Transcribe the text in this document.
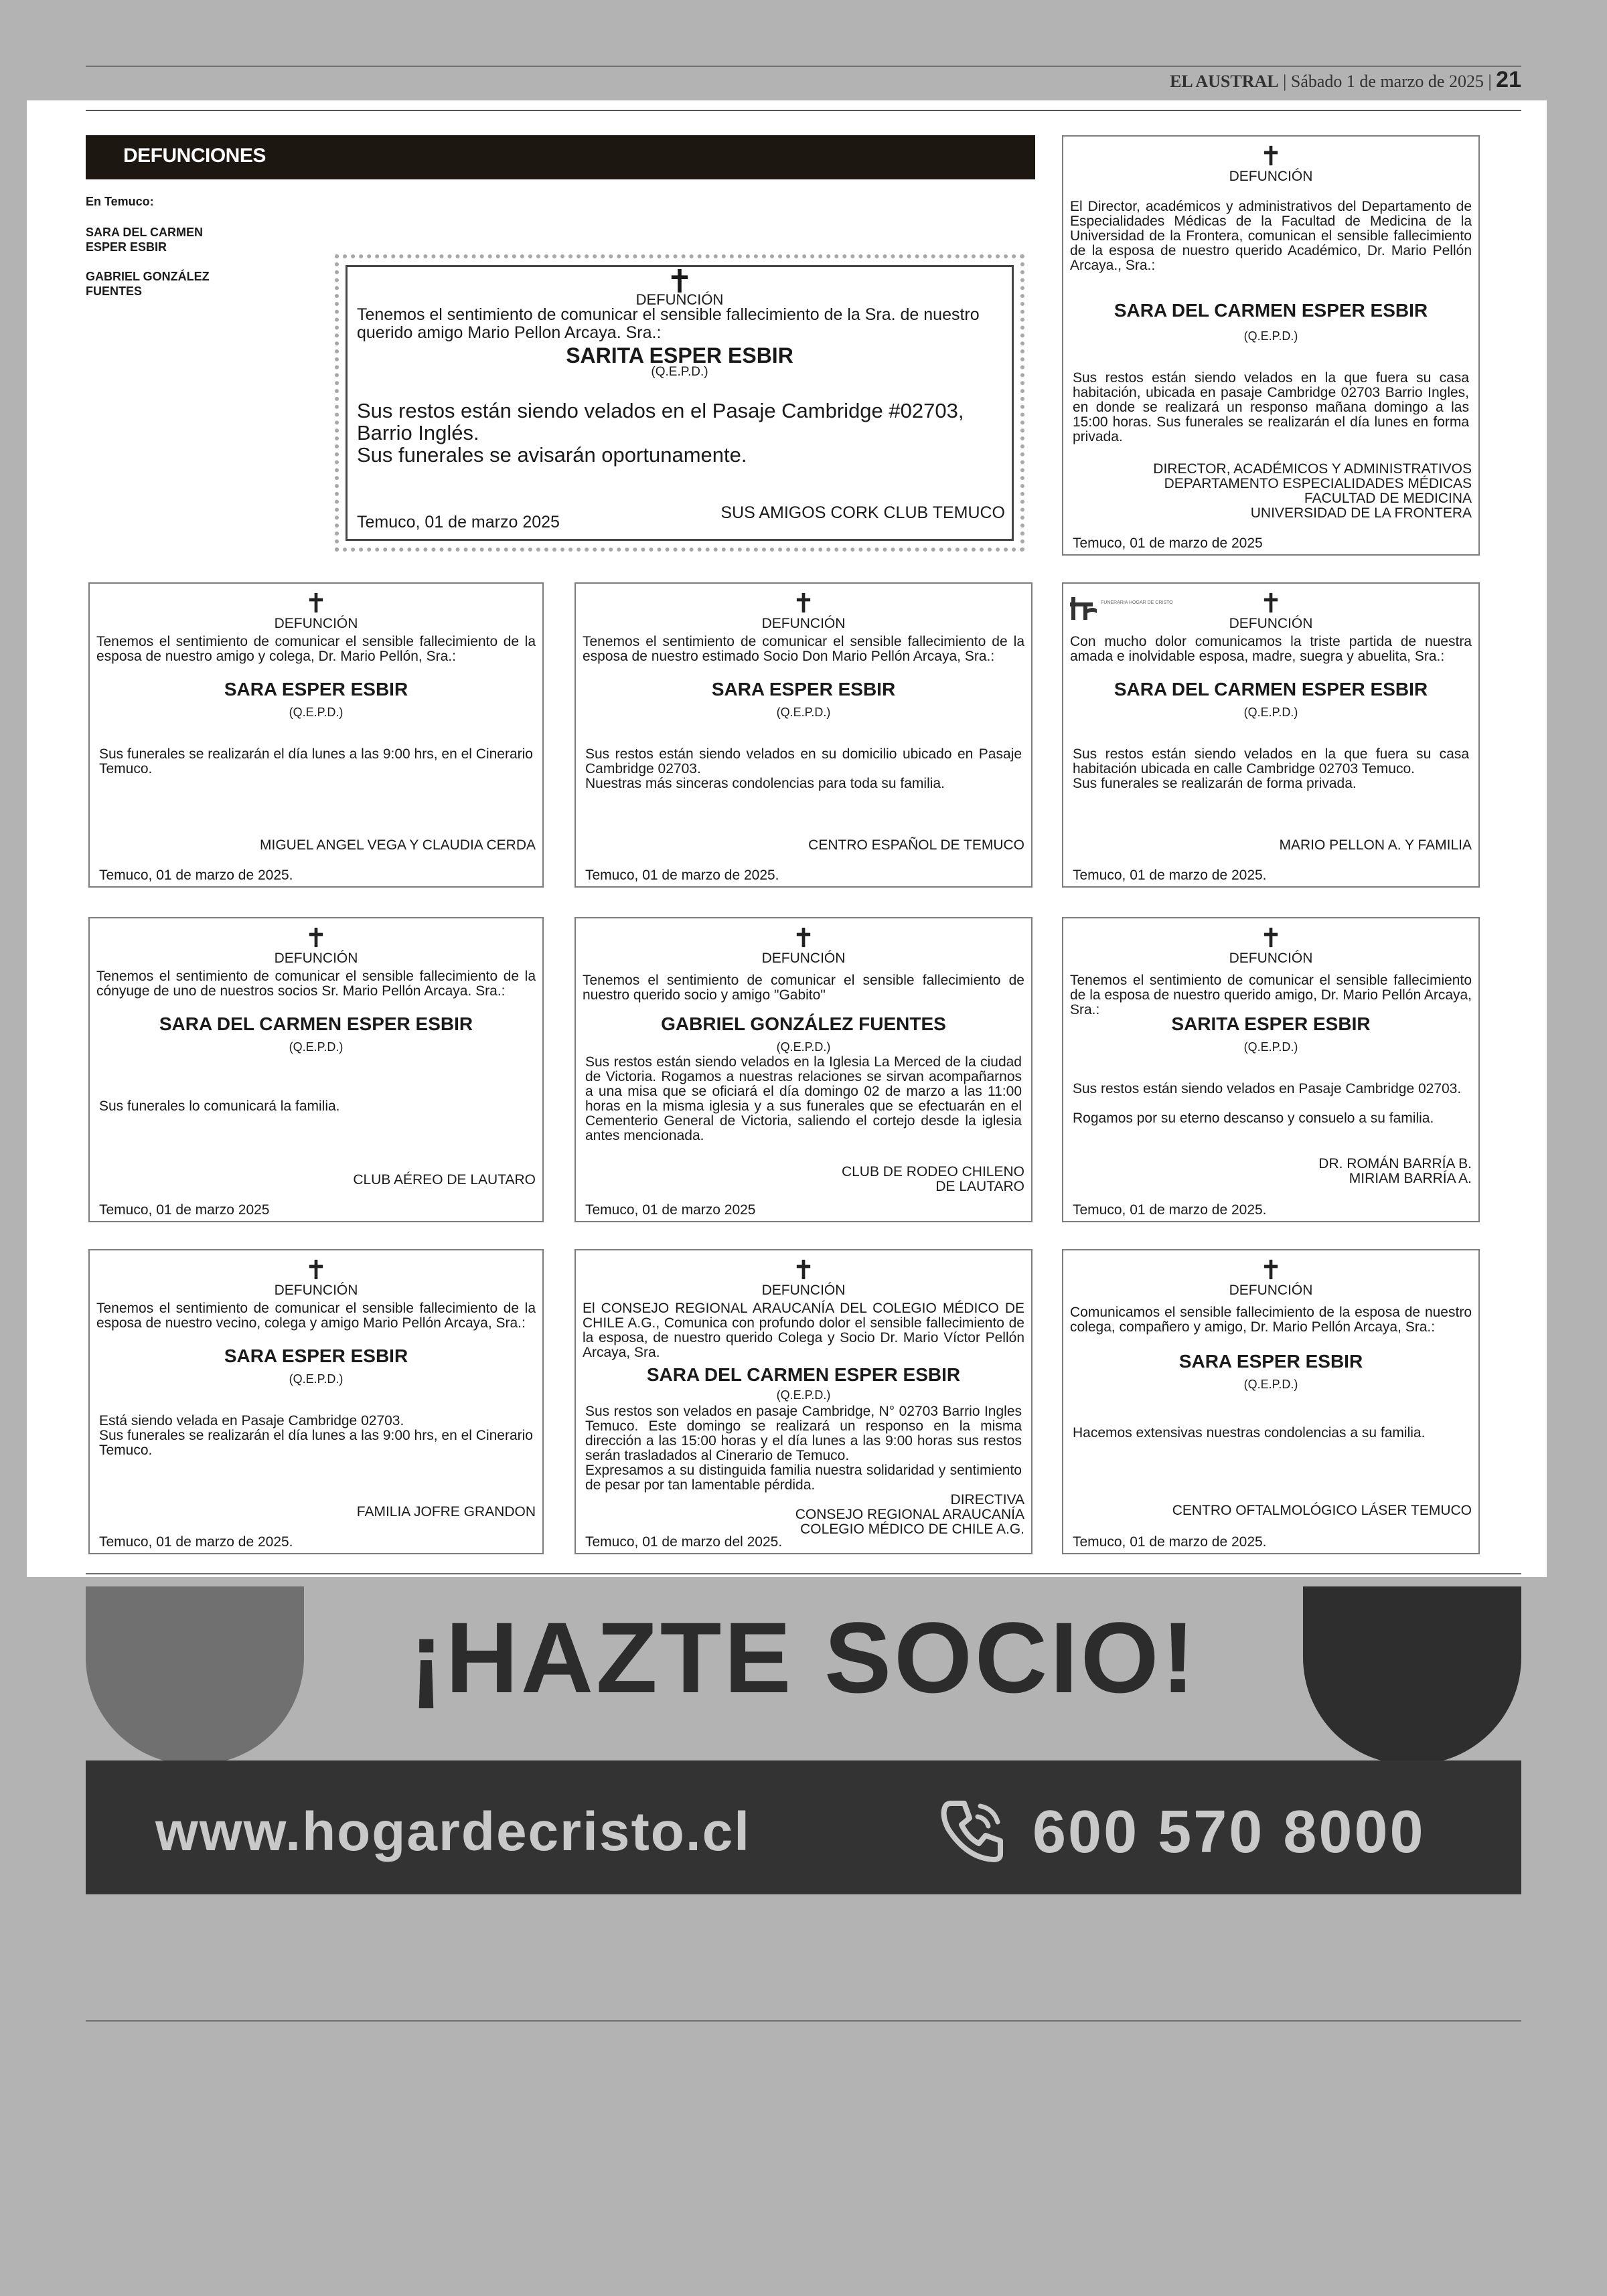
EL AUSTRAL | Sábado 1 de marzo de 2025 | 21
DEFUNCIONES
En Temuco:
SARA DEL CARMEN ESPER ESBIR
GABRIEL GONZÁLEZ FUENTES	✝
DEFUNCIÓN
Tenemos el sentimiento de comunicar el sensible fallecimiento de la Sra. de nuestro querido amigo Mario Pellon Arcaya. Sra.:
SARITA ESPER ESBIR
(Q.E.P.D.)
Sus restos están siendo velados en el Pasaje Cambridge #02703, Barrio Inglés.
Sus funerales se avisarán oportunamente.
Temuco, 01 de marzo 2025	SUS AMIGOS CORK CLUB TEMUCO
✝
DEFUNCIÓN
El Director, académicos y administrativos del Departamento de Especialidades Médicas de la Facultad de Medicina de la Universidad de la Frontera, comunican el sensible fallecimiento de la esposa de nuestro querido Académico, Dr. Mario Pellón Arcaya., Sra.:
SARA DEL CARMEN ESPER ESBIR
(Q.E.P.D.)
Sus restos están siendo velados en la que fuera su casa habitación, ubicada en pasaje Cambridge 02703 Barrio Ingles, en donde se realizará un responso mañana domingo a las 15:00 horas. Sus funerales se realizarán el día lunes en forma privada.
DIRECTOR, ACADÉMICOS Y ADMINISTRATIVOS
DEPARTAMENTO ESPECIALIDADES MÉDICAS
FACULTAD DE MEDICINA
UNIVERSIDAD DE LA FRONTERA
Temuco, 01 de marzo de 2025
✝
DEFUNCIÓN
Tenemos el sentimiento de comunicar el sensible fallecimiento de la esposa de nuestro amigo y colega, Dr. Mario Pellón, Sra.:
SARA ESPER ESBIR
(Q.E.P.D.)
Sus funerales se realizarán el día lunes a las 9:00 hrs, en el Cinerario Temuco.
MIGUEL ANGEL VEGA Y CLAUDIA CERDA
Temuco, 01 de marzo de 2025.
✝
DEFUNCIÓN
Tenemos el sentimiento de comunicar el sensible fallecimiento de la esposa de nuestro estimado Socio Don Mario Pellón Arcaya, Sra.:
SARA ESPER ESBIR
(Q.E.P.D.)
Sus restos están siendo velados en su domicilio ubicado en Pasaje Cambridge 02703.
Nuestras más sinceras condolencias para toda su familia.
CENTRO ESPAÑOL DE TEMUCO
Temuco, 01 de marzo de 2025.
FUNERARIA HOGAR DE CRISTO	✝
DEFUNCIÓN
Con mucho dolor comunicamos la triste partida de nuestra amada e inolvidable esposa, madre, suegra y abuelita, Sra.:
SARA DEL CARMEN ESPER ESBIR
(Q.E.P.D.)
Sus restos están siendo velados en la que fuera su casa habitación ubicada en calle Cambridge 02703 Temuco.
Sus funerales se realizarán de forma privada.
MARIO PELLON A. Y FAMILIA
Temuco, 01 de marzo de 2025.
✝
DEFUNCIÓN
Tenemos el sentimiento de comunicar el sensible fallecimiento de la cónyuge de uno de nuestros socios Sr. Mario Pellón Arcaya. Sra.:
SARA DEL CARMEN ESPER ESBIR
(Q.E.P.D.)
Sus funerales lo comunicará la familia.
CLUB AÉREO DE LAUTARO
Temuco, 01 de marzo 2025
✝
DEFUNCIÓN
Tenemos el sentimiento de comunicar el sensible fallecimiento de nuestro querido socio y amigo "Gabito"
GABRIEL GONZÁLEZ FUENTES
(Q.E.P.D.)
Sus restos están siendo velados en la Iglesia La Merced de la ciudad de Victoria. Rogamos a nuestras relaciones se sirvan acompañarnos a una misa que se oficiará el día domingo 02 de marzo a las 11:00 horas en la misma iglesia y a sus funerales que se efectuarán en el Cementerio General de Victoria, saliendo el cortejo desde la iglesia antes mencionada.
CLUB DE RODEO CHILENO
DE LAUTARO
Temuco, 01 de marzo 2025
✝
DEFUNCIÓN
Tenemos el sentimiento de comunicar el sensible fallecimiento de la esposa de nuestro querido amigo, Dr. Mario Pellón Arcaya, Sra.:
SARITA ESPER ESBIR
(Q.E.P.D.)
Sus restos están siendo velados en Pasaje Cambridge 02703.

Rogamos por su eterno descanso y consuelo a su familia.
DR. ROMÁN BARRÍA B.
MIRIAM BARRÍA A.
Temuco, 01 de marzo de 2025.
✝
DEFUNCIÓN
Tenemos el sentimiento de comunicar el sensible fallecimiento de la esposa de nuestro vecino, colega y amigo Mario Pellón Arcaya, Sra.:
SARA ESPER ESBIR
(Q.E.P.D.)
Está siendo velada en Pasaje Cambridge 02703.
Sus funerales se realizarán el día lunes a las 9:00 hrs, en el Cinerario Temuco.
FAMILIA JOFRE GRANDON
Temuco, 01 de marzo de 2025.
✝
DEFUNCIÓN
El CONSEJO REGIONAL ARAUCANÍA DEL COLEGIO MÉDICO DE CHILE A.G., Comunica con profundo dolor el sensible fallecimiento de la esposa, de nuestro querido Colega y Socio Dr. Mario Víctor Pellón Arcaya, Sra.
SARA DEL CARMEN ESPER ESBIR
(Q.E.P.D.)
Sus restos son velados en pasaje Cambridge, N° 02703 Barrio Ingles Temuco. Este domingo se realizará un responso en la misma dirección a las 15:00 horas y el día lunes a las 9:00 horas sus restos serán trasladados al Cinerario de Temuco.
Expresamos a su distinguida familia nuestra solidaridad y sentimiento de pesar por tan lamentable pérdida.
DIRECTIVA
CONSEJO REGIONAL ARAUCANÍA
COLEGIO MÉDICO DE CHILE A.G.
Temuco, 01 de marzo del 2025.
✝
DEFUNCIÓN
Comunicamos el sensible fallecimiento de la esposa de nuestro colega, compañero y amigo, Dr. Mario Pellón Arcaya, Sra.:
SARA ESPER ESBIR
(Q.E.P.D.)
Hacemos extensivas nuestras condolencias a su familia.
CENTRO OFTALMOLÓGICO LÁSER TEMUCO
Temuco, 01 de marzo de 2025.
¡HAZTE SOCIO!
www.hogardecristo.cl	600 570 8000
